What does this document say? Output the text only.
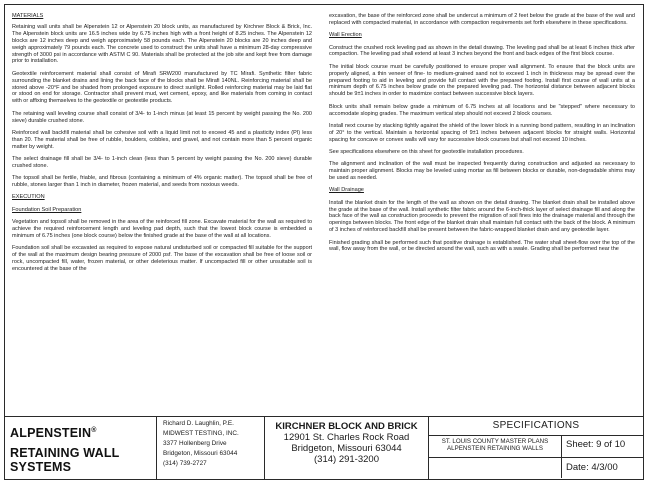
MATERIALS

Retaining wall units shall be Alpenstein 12 or Alpenstein 20 block units, as manufactured by Kirchner Block & Brick, Inc. The Alpenstein block units are 16.5 inches wide by 6.75 inches high with a front height of 8.25 inches. The Alpenstein 12 blocks are 12 inches deep and weigh approximately 58 pounds each. The Alpenstein 20 blocks are 20 inches deep and weigh approximately 79 pounds each. The concrete used to construct the units shall have a minimum 28-day compressive strength of 3000 psi in accordance with ASTM C 90. Materials shall be protected at the job site and kept free from damage prior to installation.

Geotextile reinforcement material shall consist of Mirafi SRW200 manufactured by TC Mirafi. Synthetic filter fabric surrounding the blanket drains and lining the back face of the blocks shall be Mirafi 140NL. Reinforcing material shall be stored above -20°F and be shaded from prolonged exposure to direct sunlight. Rolled reinforcing material may be laid flat or stood on end for storage. Contractor shall prevent mud, wet cement, epoxy, and like materials from coming in contact with or affixing themselves to the geotextile or geotextile products.

The retaining wall leveling course shall consist of 3/4- to 1-inch minus (at least 15 percent by weight passing the No. 200 sieve) durable crushed stone.

Reinforced wall backfill material shall be cohesive soil with a liquid limit not to exceed 45 and a plasticity index (PI) less than 20. The material shall be free of rubble, boulders, cobbles, and gravel, and not contain more than 5 percent organic matter by weight.

The select drainage fill shall be 3/4- to 1-inch clean (less than 5 percent by weight passing the No. 200 sieve) durable crushed stone.

The topsoil shall be fertile, friable, and fibrous (containing a minimum of 4% organic matter). The topsoil shall be free of rubble, stones larger than 1 inch in diameter, frozen material, and seeds from noxious weeds.

EXECUTION
Foundation Soil Preparation

Vegetation and topsoil shall be removed in the area of the reinforced fill zone. Excavate material for the wall as required to achieve the required reinforcement length and leveling pad depth, such that the lowest block course is embedded a minimum of 6.75 inches (one block course) below the finished grade at the base of the wall at all locations.

Foundation soil shall be excavated as required to expose natural undisturbed soil or compacted fill suitable for the support of the wall at the maximum design bearing pressure of 2000 psf. The base of the excavation shall be free of loose soil or rock, uncompacted fill, water, frozen material, or other deleterious matter. If uncompacted fill or other unsuitable soil is encountered at the base of the

excavation, the base of the reinforced zone shall be undercut a minimum of 2 feet below the grade at the base of the wall and replaced with compacted material, in accordance with compaction requirements set forth elsewhere in these specifications.

Wall Erection

Construct the crushed rock leveling pad as shown in the detail drawing. The leveling pad shall be at least 6 inches thick after compaction. The leveling pad shall extend at least 3 inches beyond the front and back edges of the first block course.

The initial block course must be carefully positioned to ensure proper wall alignment. To ensure that the block units are properly aligned, a thin veneer of fine- to medium-grained sand not to exceed 1 inch in thickness may be spread over the prepared footing to aid in leveling and provide full contact with the prepared footing. Install first course of wall units at a minimum depth of 6.75 inches below grade on the prepared leveling pad. The horizontal distance between adjacent blocks should be 9±1 inches in order to maximize contact between successive block layers.

Block units shall remain below grade a minimum of 6.75 inches at all locations and be "stepped" where necessary to accomodate sloping grades. The maximum vertical step should not exceed 2 block courses.

Install next course by stacking tightly against the shield of the lower block in a running bond pattern, resulting in an inclination of 20° to the vertical. Maintain a horizontal spacing of 9±1 inches between adjacent blocks for straight walls. Horizontal spacing for concave or convex walls will vary for successive block courses but shall not exceed 10 inches.

See specifications elsewhere on this sheet for geotextile installation procedures.

The alignment and inclination of the wall must be inspected frequently during construction and adjusted as necessary to maintain proper alignment. Blocks may be leveled using mortar as fill between blocks or durable, non-degradable shims may be used as needed.

Wall Drainage

Install the blanket drain for the length of the wall as shown on the detail drawing. The blanket drain shall be installed above the grade at the base of the wall. Install synthetic filter fabric around the 6-inch-thick layer of select drainage fill and along the back face of the wall as construction proceeds to prevent the migration of soil fines into the drainage material and through the openings between blocks. The front edge of the blanket drain shall maintain full contact with the back of the block. A minimum of 3 inches of reinforced backfill shall be present between the fabric-wrapped blanket drain and any geotextile layer.

Finished grading shall be performed such that positive drainage is established. The water shall sheet-flow over the top of the wall, flow away from the wall, or be directed around the wall, such as with a swale. Grading shall be performed near the

ALPENSTEIN®
RETAINING WALL SYSTEMS
Richard D. Laughlin, P.E.
MIDWEST TESTING, INC.
3377 Hollenberg Drive
Bridgeton, Missouri 63044
(314) 739-2727
KIRCHNER BLOCK AND BRICK
12901 St. Charles Rock Road
Bridgeton, Missouri 63044
(314) 291-3200
SPECIFICATIONS
ST. LOUIS COUNTY MASTER PLANS
ALPENSTEIN RETAINING WALLS	Sheet: 9 of 10
Date: 4/3/00
